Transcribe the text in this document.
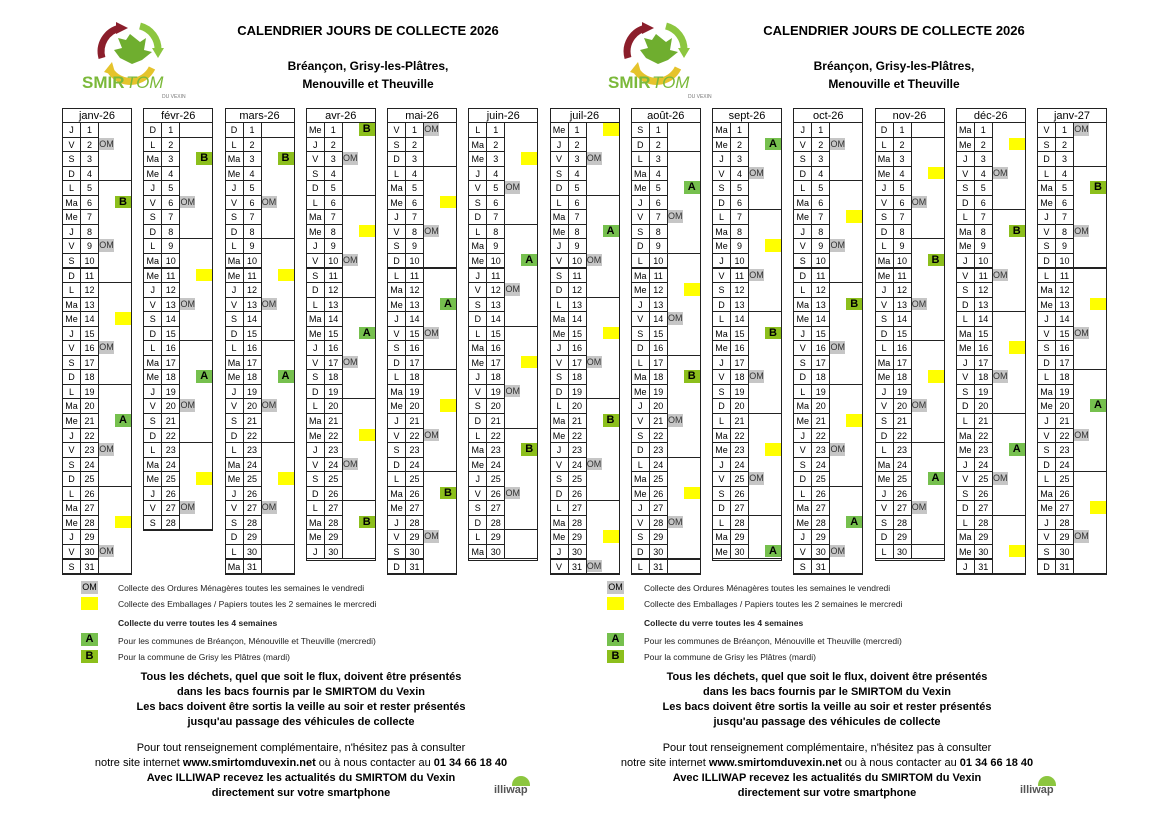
SMIR TOM
DU VEXIN
CALENDRIER JOURS DE COLLECTE 2026
Bréançon, Grisy-les-Plâtres,
Menouville et Theuville
OM	Collecte des Ordures Ménagères toutes les semaines le vendredi
Collecte des Emballages / Papiers toutes les 2 semaines le mercredi
Collecte du verre toutes les 4 semaines
A	Pour les communes de Bréançon, Ménouville et Theuville (mercredi)
B	Pour la commune de Grisy les Plâtres (mardi)
Tous les déchets, quel que soit le flux, doivent être présentés
dans les bacs fournis par le SMIRTOM du Vexin
Les bacs doivent être sortis la veille au soir et rester présentés
jusqu'au passage des véhicules de collecte
Pour tout renseignement complémentaire, n'hésitez pas à consulter
notre site internet www.smirtomduvexin.net ou à nous contacter au 01 34 66 18 40
Avec ILLIWAP recevez les actualités du SMIRTOM du Vexin
directement sur votre smartphone	illiwap
SMIR TOM
DU VEXIN
CALENDRIER JOURS DE COLLECTE 2026
Bréançon, Grisy-les-Plâtres,
Menouville et Theuville
OM	Collecte des Ordures Ménagères toutes les semaines le vendredi
Collecte des Emballages / Papiers toutes les 2 semaines le mercredi
Collecte du verre toutes les 4 semaines
A	Pour les communes de Bréançon, Ménouville et Theuville (mercredi)
B	Pour la commune de Grisy les Plâtres (mardi)
Tous les déchets, quel que soit le flux, doivent être présentés
dans les bacs fournis par le SMIRTOM du Vexin
Les bacs doivent être sortis la veille au soir et rester présentés
jusqu'au passage des véhicules de collecte
Pour tout renseignement complémentaire, n'hésitez pas à consulter
notre site internet www.smirtomduvexin.net ou à nous contacter au 01 34 66 18 40
Avec ILLIWAP recevez les actualités du SMIRTOM du Vexin
directement sur votre smartphone	illiwap
janv-26
J	1
V	2 OM
S	3
D	4
L	5
Ma	6	B
Me	7
J	8
V	9 OM
S	10
D	11
L	12
Ma 13
Me 14
J	15
V	16 OM
S	17
D	18
L	19
Ma 20
Me 21	A
J	22
V	23 OM
S	24
D	25
L	26
Ma 27
Me 28
J	29
V	30 OM
S	31
févr-26
D	1
L	2
Ma	3	B
Me	4
J	5
V	6 OM
S	7
D	8
L	9
Ma 10
Me 11
J	12
V	13 OM
S	14
D	15
L	16
Ma 17
Me 18	A
J	19
V	20 OM
S	21
D	22
L	23
Ma 24
Me 25
J	26
V	27 OM
S	28
mars-26
D	1
L	2
Ma	3	B
Me	4
J	5
V	6 OM
S	7
D	8
L	9
Ma 10
Me 11
J	12
V	13 OM
S	14
D	15
L	16
Ma 17
Me 18	A
J	19
V	20 OM
S	21
D	22
L	23
Ma 24
Me 25
J	26
V	27 OM
S	28
D	29
L	30
Ma 31
avr-26
Me	1	B
J	2
V	3 OM
S	4
D	5
L	6
Ma	7
Me	8
J	9
V	10 OM
S	11
D	12
L	13
Ma 14
Me 15	A
J	16
V	17 OM
S	18
D	19
L	20
Ma 21
Me 22
J	23
V	24 OM
S	25
D	26
L	27
Ma 28	B
Me 29
J	30
mai-26
V	1 OM
S	2
D	3
L	4
Ma	5
Me	6
J	7
V	8 OM
S	9
D	10
L	11
Ma 12
Me 13	A
J	14
V	15 OM
S	16
D	17
L	18
Ma 19
Me 20
J	21
V	22 OM
S	23
D	24
L	25
Ma 26	B
Me 27
J	28
V	29 OM
S	30
D	31
juin-26
L	1
Ma	2
Me	3
J	4
V	5 OM
S	6
D	7
L	8
Ma	9
Me 10	A
J	11
V	12 OM
S	13
D	14
L	15
Ma 16
Me 17
J	18
V	19 OM
S	20
D	21
L	22
Ma 23	B
Me 24
J	25
V	26 OM
S	27
D	28
L	29
Ma 30
juil-26
Me	1
J	2
V	3 OM
S	4
D	5
L	6
Ma	7
Me	8	A
J	9
V	10 OM
S	11
D	12
L	13
Ma 14
Me 15
J	16
V	17 OM
S	18
D	19
L	20
Ma 21	B
Me 22
J	23
V	24 OM
S	25
D	26
L	27
Ma 28
Me 29
J	30
V	31 OM
août-26
S	1
D	2
L	3
Ma	4
Me	5	A
J	6
V	7 OM
S	8
D	9
L	10
Ma 11
Me 12
J	13
V	14 OM
S	15
D	16
L	17
Ma 18	B
Me 19
J	20
V	21 OM
S	22
D	23
L	24
Ma 25
Me 26
J	27
V	28 OM
S	29
D	30
L	31
sept-26
Ma	1
Me	2	A
J	3
V	4 OM
S	5
D	6
L	7
Ma	8
Me	9
J	10
V	11 OM
S	12
D	13
L	14
Ma 15	B
Me 16
J	17
V	18 OM
S	19
D	20
L	21
Ma 22
Me 23
J	24
V	25 OM
S	26
D	27
L	28
Ma 29
Me 30	A
oct-26
J	1
V	2 OM
S	3
D	4
L	5
Ma	6
Me	7
J	8
V	9 OM
S	10
D	11
L	12
Ma 13	B
Me 14
J	15
V	16 OM
S	17
D	18
L	19
Ma 20
Me 21
J	22
V	23 OM
S	24
D	25
L	26
Ma 27
Me 28	A
J	29
V	30 OM
S	31
nov-26
D	1
L	2
Ma	3
Me	4
J	5
V	6 OM
S	7
D	8
L	9
Ma 10	B
Me 11
J	12
V	13 OM
S	14
D	15
L	16
Ma 17
Me 18
J	19
V	20 OM
S	21
D	22
L	23
Ma 24
Me 25	A
J	26
V	27 OM
S	28
D	29
L	30
déc-26
Ma	1
Me	2
J	3
V	4 OM
S	5
D	6
L	7
Ma	8	B
Me	9
J	10
V	11 OM
S	12
D	13
L	14
Ma 15
Me 16
J	17
V	18 OM
S	19
D	20
L	21
Ma 22
Me 23	A
J	24
V	25 OM
S	26
D	27
L	28
Ma 29
Me 30
J	31
janv-27
V	1 OM
S	2
D	3
L	4
Ma	5	B
Me	6
J	7
V	8 OM
S	9
D	10
L	11
Ma 12
Me 13
J	14
V	15 OM
S	16
D	17
L	18
Ma 19
Me 20	A
J	21
V	22 OM
S	23
D	24
L	25
Ma 26
Me 27
J	28
V	29 OM
S	30
D	31
